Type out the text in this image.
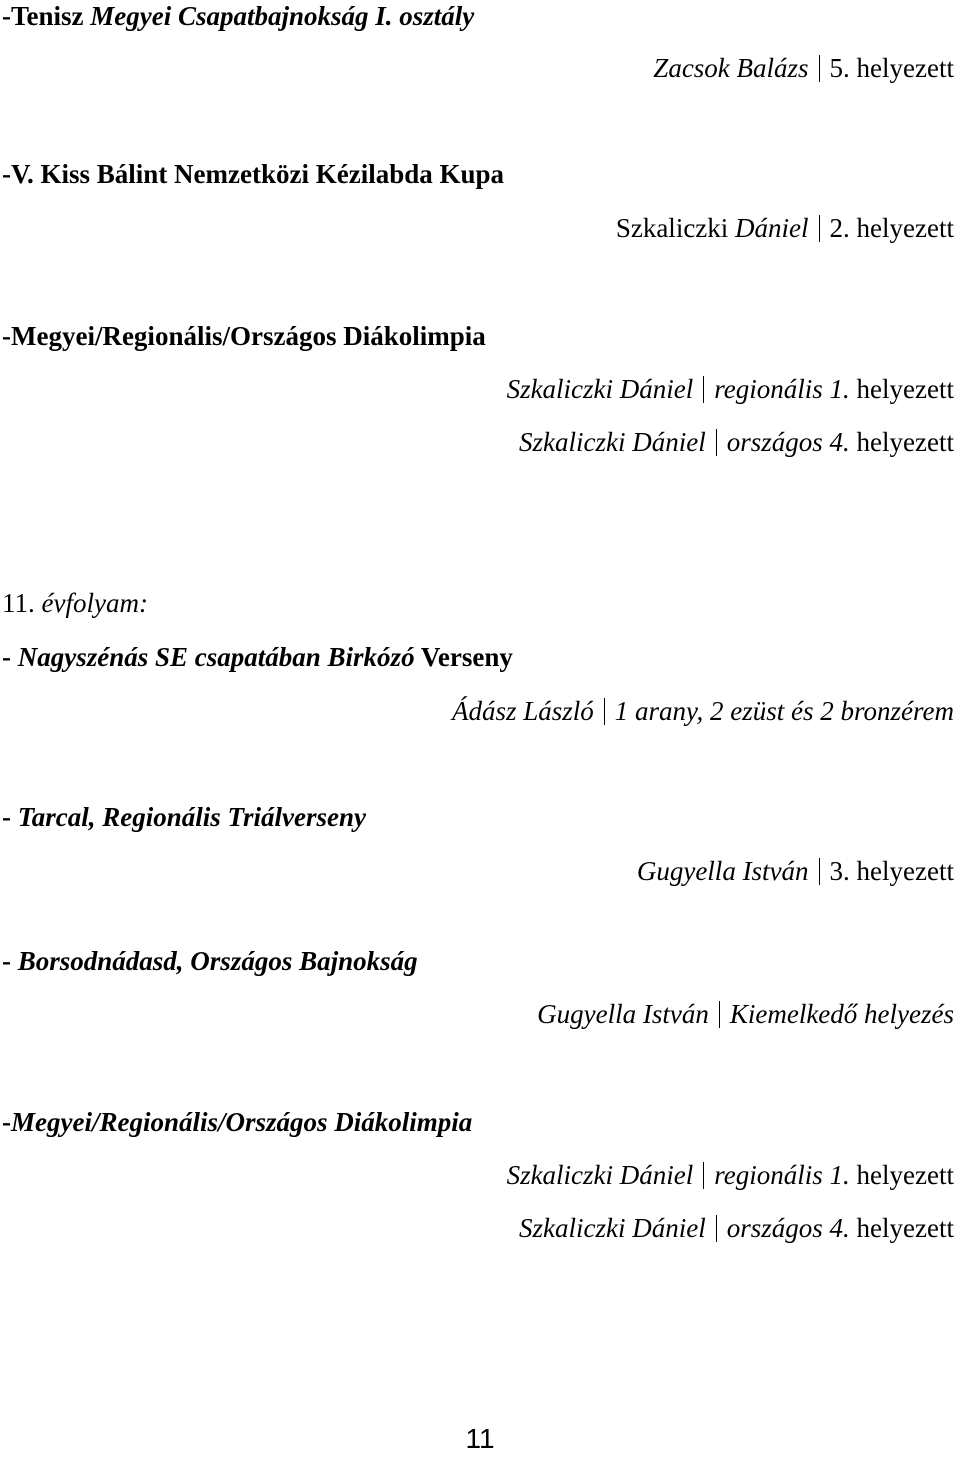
-Tenisz Megyei Csapatbajnokság I. osztály
Zacsok Balázs 5. helyezett
-V. Kiss Bálint Nemzetközi Kézilabda Kupa
Szkaliczki Dániel 2. helyezett
-Megyei/Regionális/Országos Diákolimpia
Szkaliczki Dániel regionális 1. helyezett
Szkaliczki Dániel országos 4. helyezett
11. évfolyam:
- Nagyszénás SE csapatában Birkózó Verseny
Ádász László 1 arany, 2 ezüst és 2 bronzérem
- Tarcal, Regionális Triálverseny
Gugyella István 3. helyezett
- Borsodnádasd, Országos Bajnokság
Gugyella István Kiemelkedő helyezés
-Megyei/Regionális/Országos Diákolimpia
Szkaliczki Dániel regionális 1. helyezett
Szkaliczki Dániel országos 4. helyezett
11
